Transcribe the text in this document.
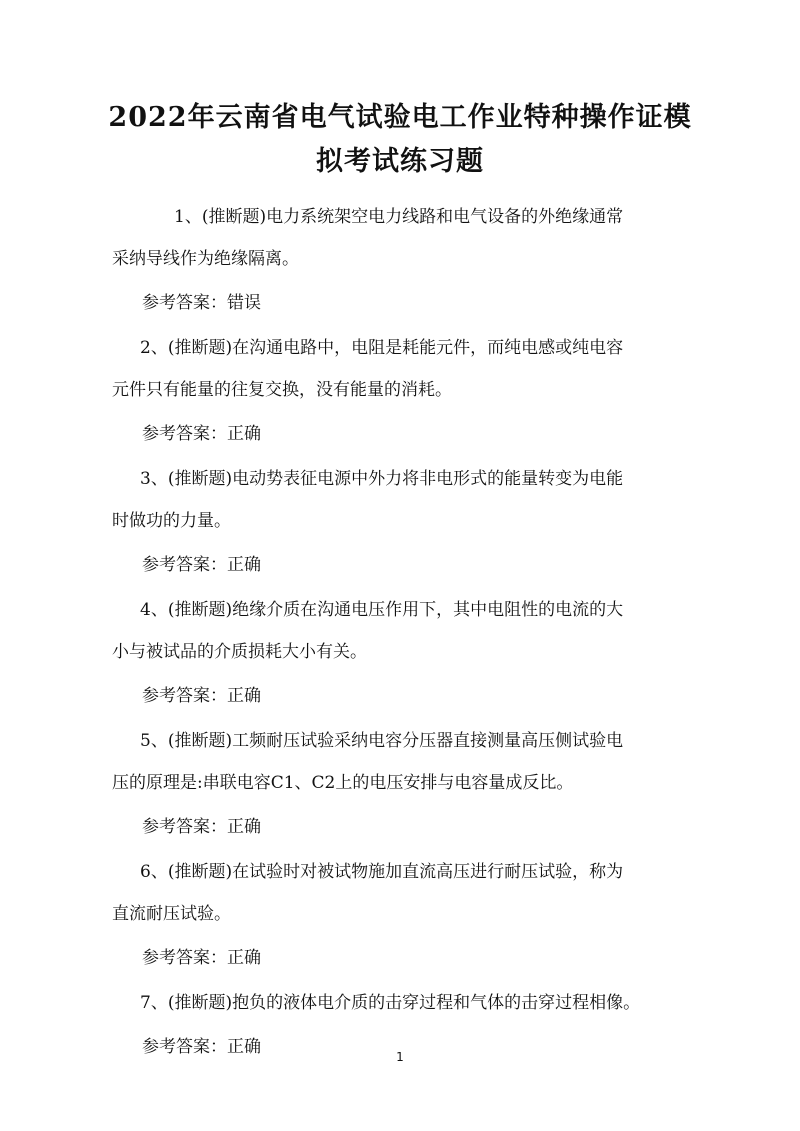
2022年云南省电气试验电工作业特种操作证模
拟考试练习题
1、(推断题)电力系统架空电力线路和电气设备的外绝缘通常
采纳导线作为绝缘隔离。
参考答案：错误
2、(推断题)在沟通电路中，电阻是耗能元件，而纯电感或纯电容
元件只有能量的往复交换，没有能量的消耗。
参考答案：正确
3、(推断题)电动势表征电源中外力将非电形式的能量转变为电能
时做功的力量。
参考答案：正确
4、(推断题)绝缘介质在沟通电压作用下，其中电阻性的电流的大
小与被试品的介质损耗大小有关。
参考答案：正确
5、(推断题)工频耐压试验采纳电容分压器直接测量高压侧试验电
压的原理是:串联电容C1、C2上的电压安排与电容量成反比。
参考答案：正确
6、(推断题)在试验时对被试物施加直流高压进行耐压试验，称为
直流耐压试验。
参考答案：正确
7、(推断题)抱负的液体电介质的击穿过程和气体的击穿过程相像。
参考答案：正确	1
